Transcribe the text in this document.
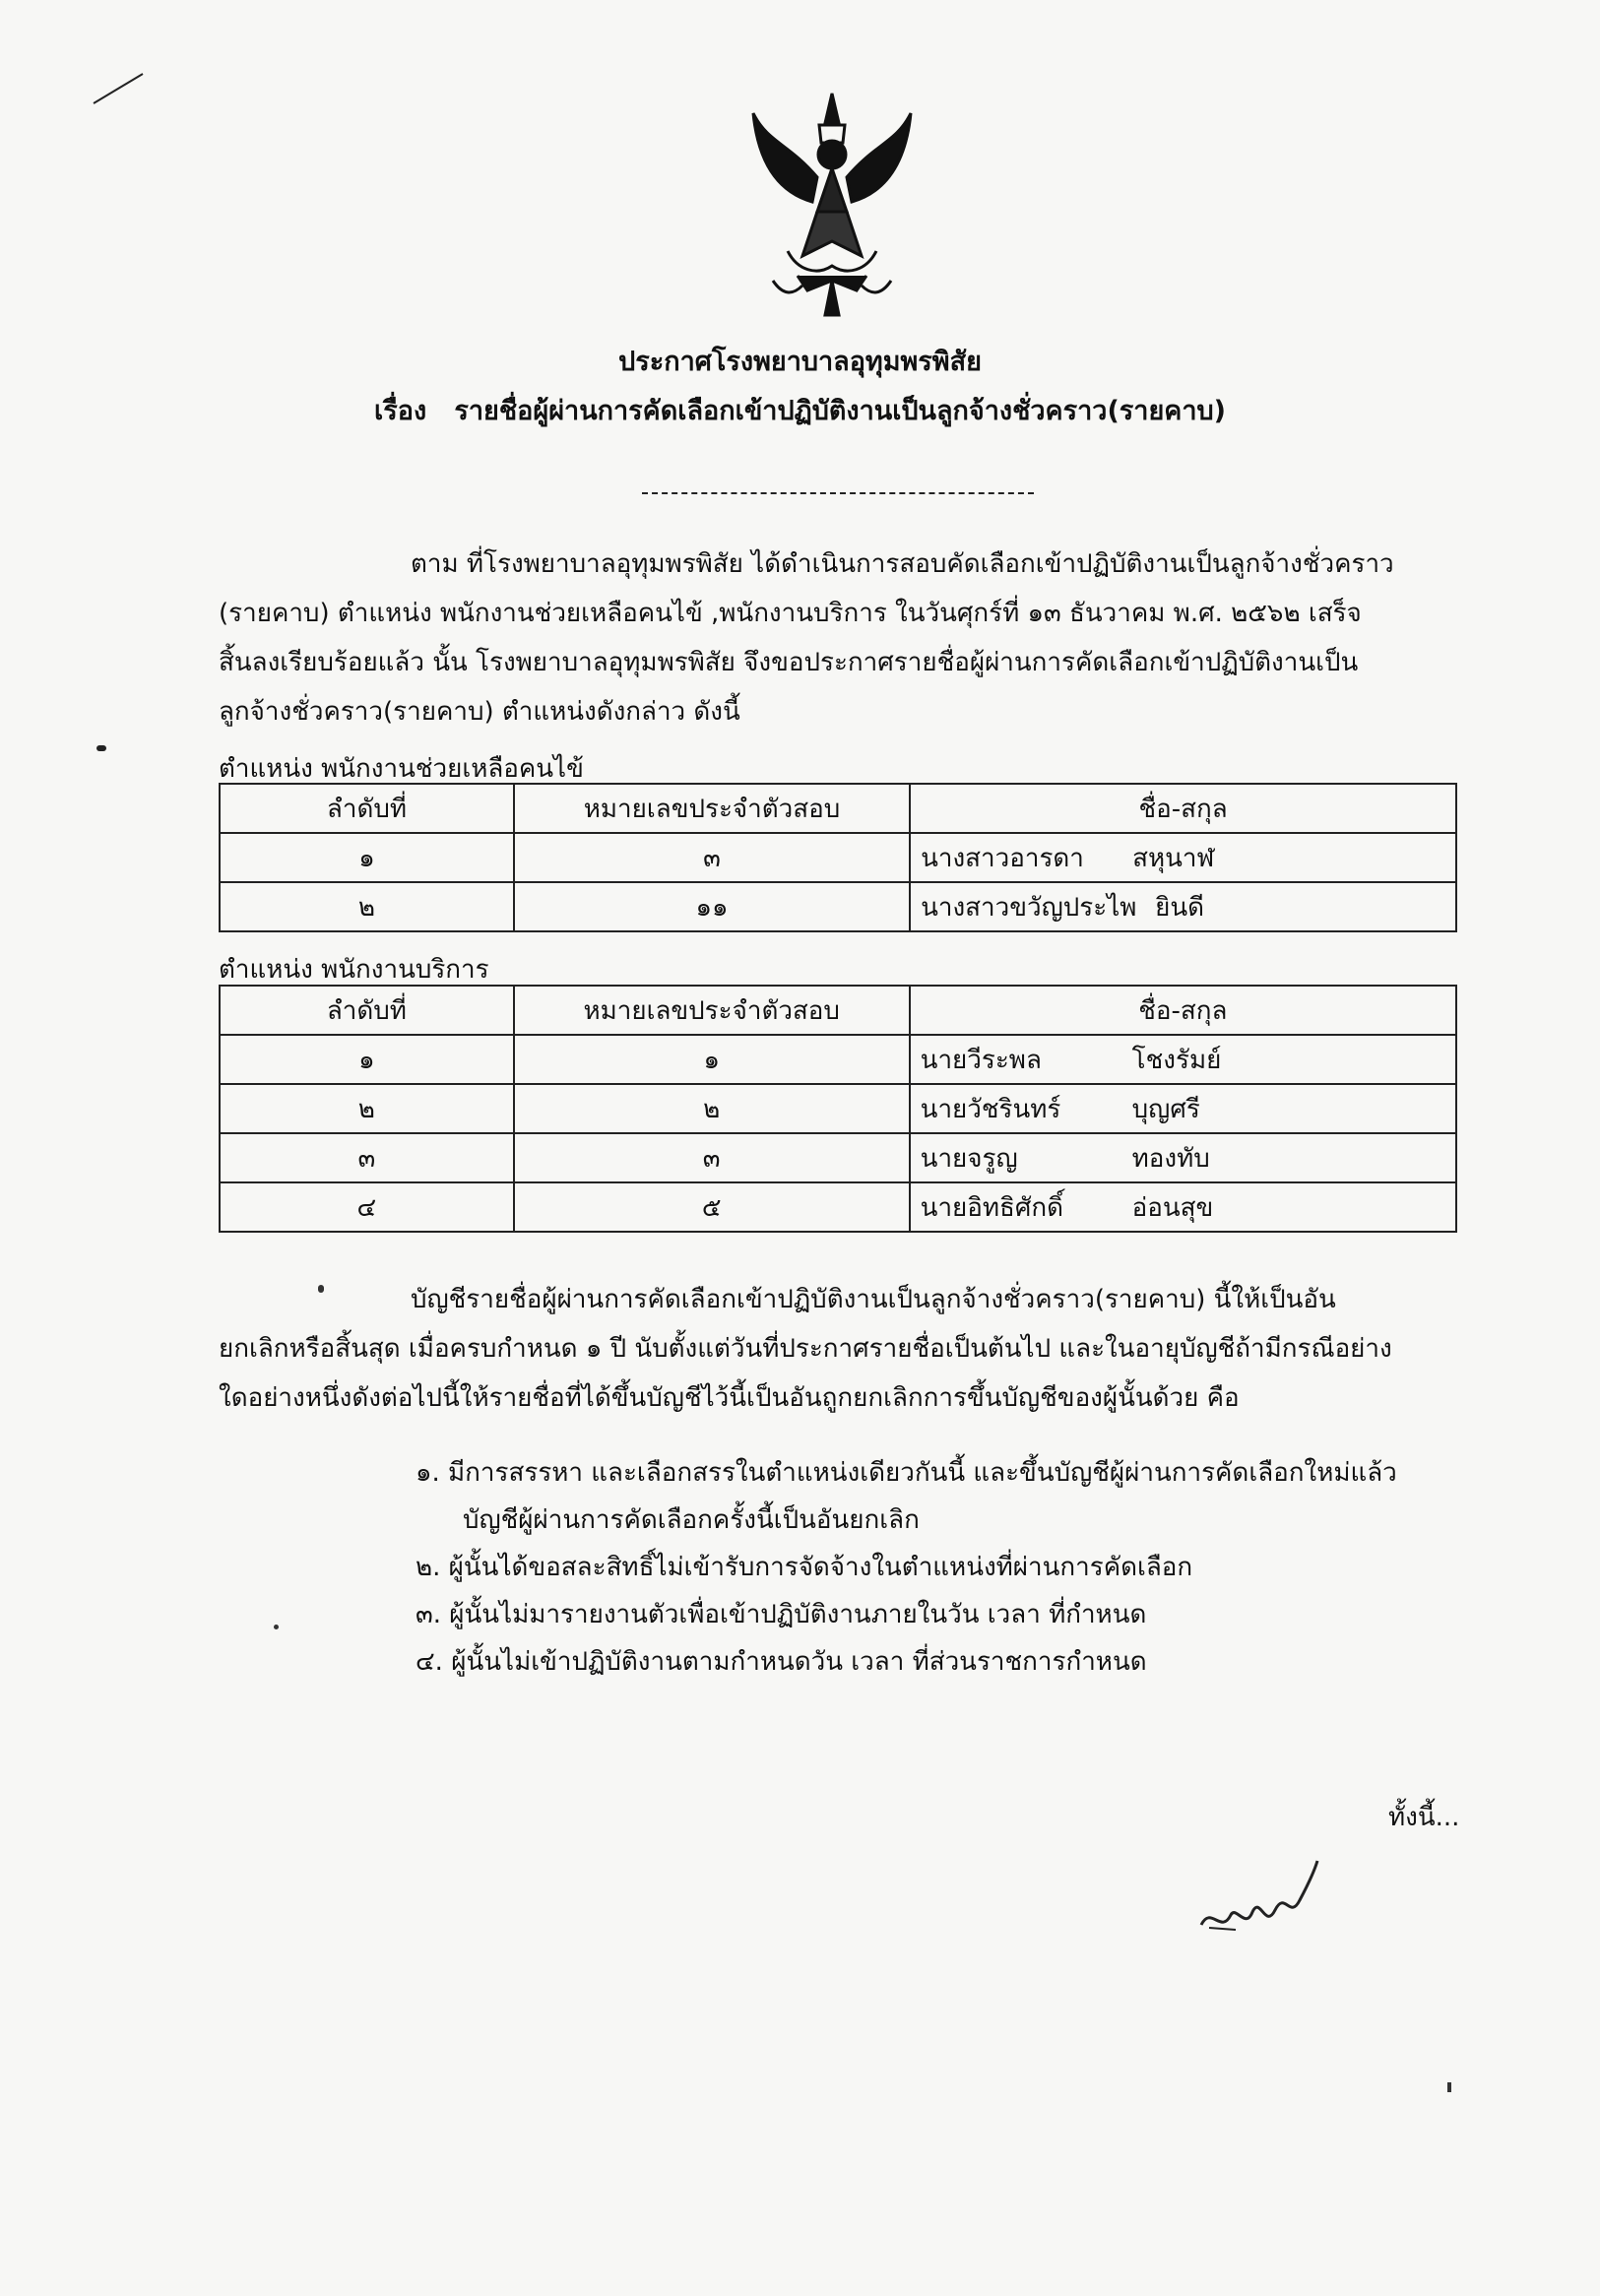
ประกาศโรงพยาบาลอุทุมพรพิสัย
เรื่อง รายชื่อผู้ผ่านการคัดเลือกเข้าปฏิบัติงานเป็นลูกจ้างชั่วคราว(รายคาบ)
ตาม ที่โรงพยาบาลอุทุมพรพิสัย ได้ดำเนินการสอบคัดเลือกเข้าปฏิบัติงานเป็นลูกจ้างชั่วคราว
(รายคาบ) ตำแหน่ง พนักงานช่วยเหลือคนไข้ ,พนักงานบริการ ในวันศุกร์ที่ ๑๓ ธันวาคม พ.ศ. ๒๕๖๒ เสร็จ
สิ้นลงเรียบร้อยแล้ว นั้น โรงพยาบาลอุทุมพรพิสัย จึงขอประกาศรายชื่อผู้ผ่านการคัดเลือกเข้าปฏิบัติงานเป็น
ลูกจ้างชั่วคราว(รายคาบ) ตำแหน่งดังกล่าว ดังนี้
ตำแหน่ง พนักงานช่วยเหลือคนไข้
ลำดับที่	หมายเลขประจำตัวสอบ	ชื่อ-สกุล
๑	๓	นางสาวอารดา สหุนาฬ
๒	๑๑	นางสาวขวัญประไพ ยินดี
ตำแหน่ง พนักงานบริการ
ลำดับที่	หมายเลขประจำตัวสอบ	ชื่อ-สกุล
๑	๑	นายวีระพล โชงรัมย์
๒	๒	นายวัชรินทร์ บุญศรี
๓	๓	นายจรูญ ทองทับ
๔	๕	นายอิทธิศักดิ์ อ่อนสุข
บัญชีรายชื่อผู้ผ่านการคัดเลือกเข้าปฏิบัติงานเป็นลูกจ้างชั่วคราว(รายคาบ) นี้ให้เป็นอัน
ยกเลิกหรือสิ้นสุด เมื่อครบกำหนด ๑ ปี นับตั้งแต่วันที่ประกาศรายชื่อเป็นต้นไป และในอายุบัญชีถ้ามีกรณีอย่าง
ใดอย่างหนึ่งดังต่อไปนี้ให้รายชื่อที่ได้ขึ้นบัญชีไว้นี้เป็นอันถูกยกเลิกการขึ้นบัญชีของผู้นั้นด้วย คือ
๑. มีการสรรหา และเลือกสรรในตำแหน่งเดียวกันนี้ และขึ้นบัญชีผู้ผ่านการคัดเลือกใหม่แล้ว
บัญชีผู้ผ่านการคัดเลือกครั้งนี้เป็นอันยกเลิก
๒. ผู้นั้นได้ขอสละสิทธิ์ไม่เข้ารับการจัดจ้างในตำแหน่งที่ผ่านการคัดเลือก
๓. ผู้นั้นไม่มารายงานตัวเพื่อเข้าปฏิบัติงานภายในวัน เวลา ที่กำหนด
๔. ผู้นั้นไม่เข้าปฏิบัติงานตามกำหนดวัน เวลา ที่ส่วนราชการกำหนด
ทั้งนี้...
